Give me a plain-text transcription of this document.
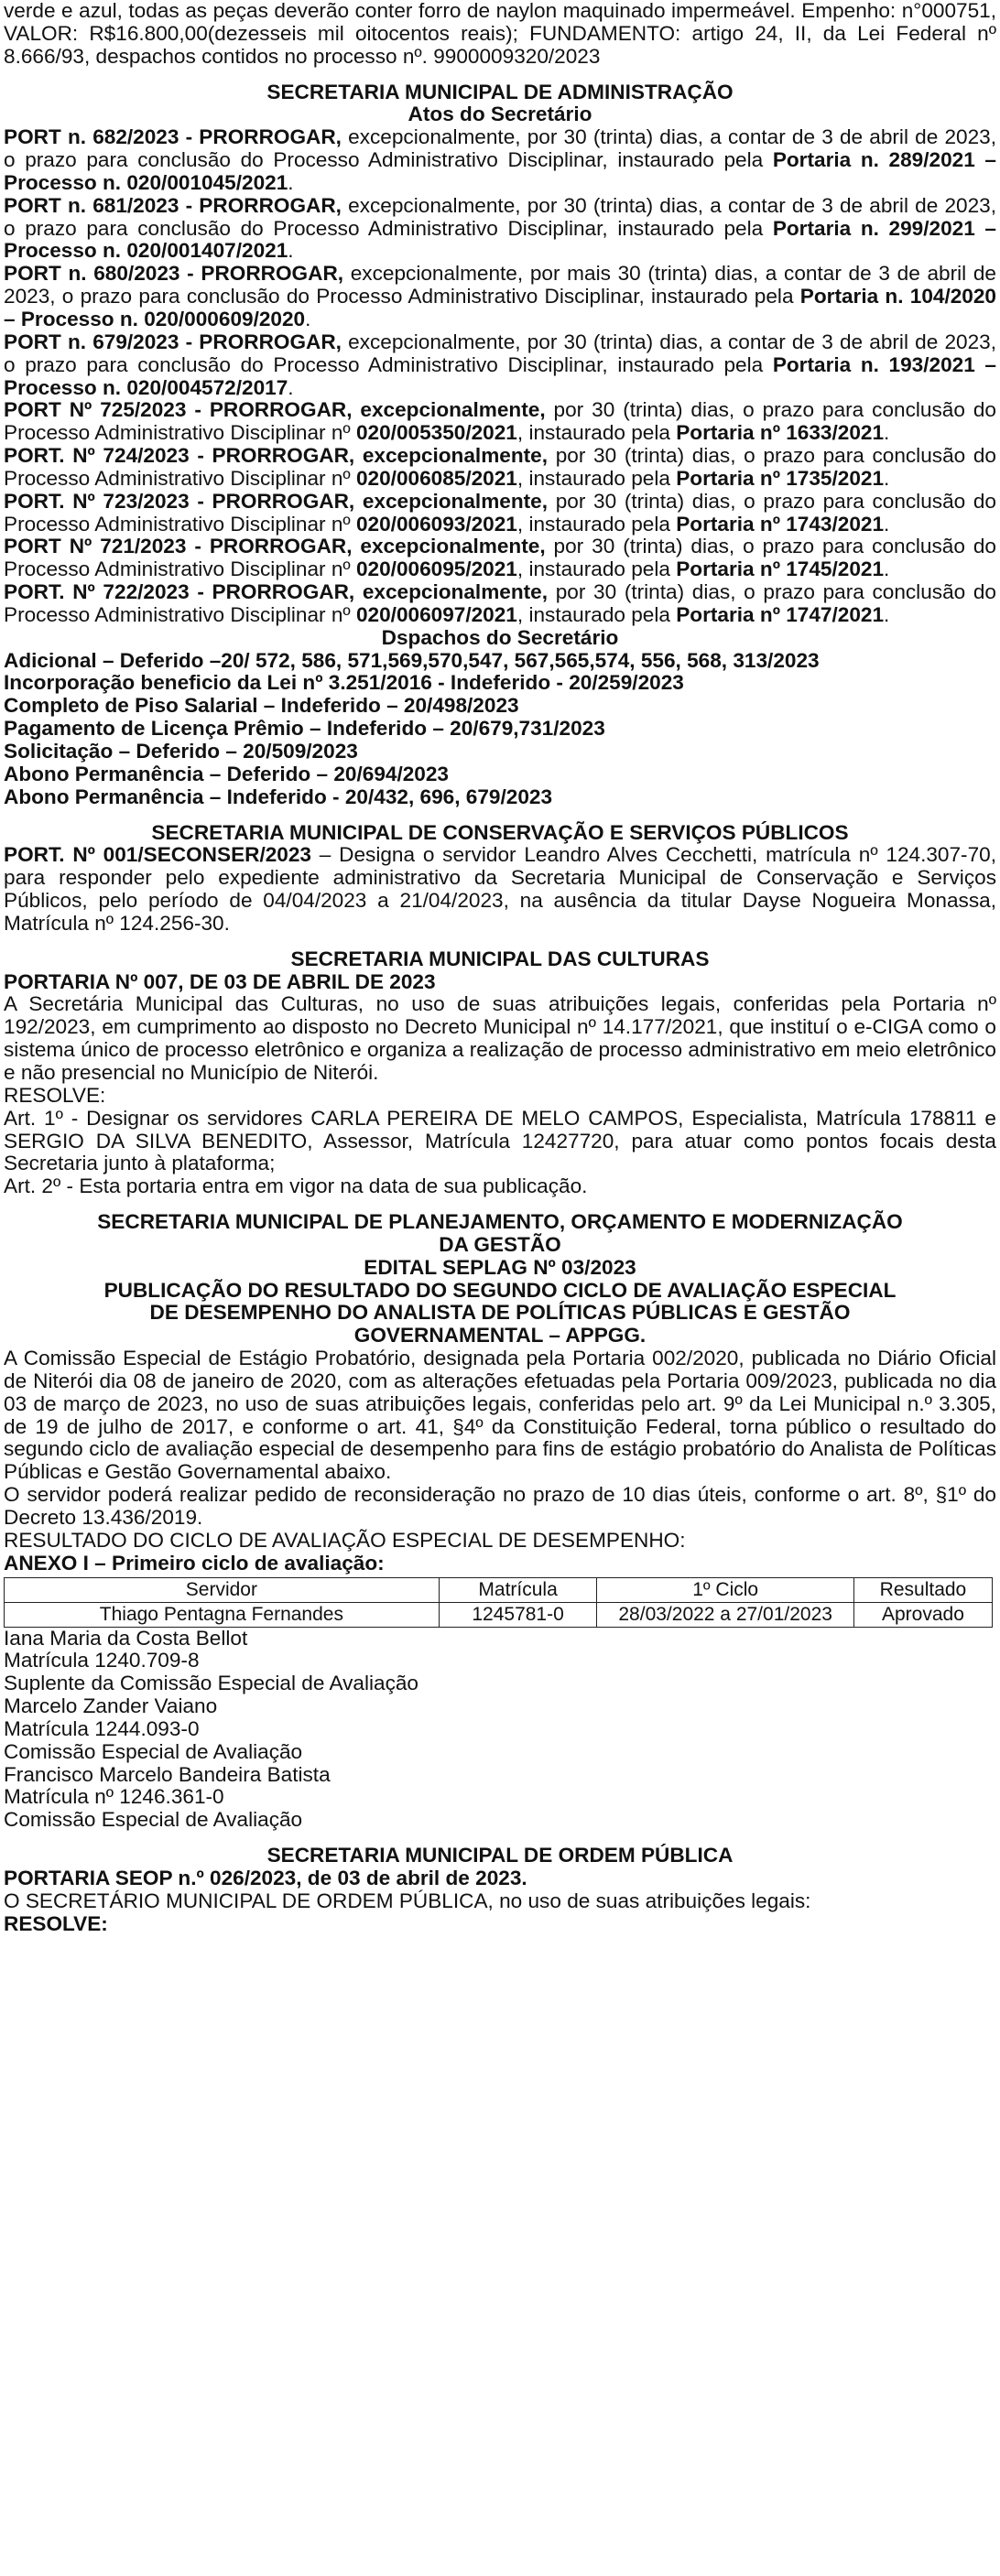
verde e azul, todas as peças deverão conter forro de naylon maquinado impermeável. Empenho: n°000751, VALOR: R$16.800,00(dezesseis mil oitocentos reais); FUNDAMENTO: artigo 24, II, da Lei Federal nº 8.666/93, despachos contidos no processo nº. 9900009320/2023

SECRETARIA MUNICIPAL DE ADMINISTRAÇÃO

Atos do Secretário

PORT n. 682/2023 - PRORROGAR, excepcionalmente, por 30 (trinta) dias, a contar de 3 de abril de 2023, o prazo para conclusão do Processo Administrativo Disciplinar, instaurado pela Portaria n. 289/2021 – Processo n. 020/001045/2021.

PORT n. 681/2023 - PRORROGAR, excepcionalmente, por 30 (trinta) dias, a contar de 3 de abril de 2023, o prazo para conclusão do Processo Administrativo Disciplinar, instaurado pela Portaria n. 299/2021 – Processo n. 020/001407/2021.

PORT n. 680/2023 - PRORROGAR, excepcionalmente, por mais 30 (trinta) dias, a contar de 3 de abril de 2023, o prazo para conclusão do Processo Administrativo Disciplinar, instaurado pela Portaria n. 104/2020 – Processo n. 020/000609/2020.

PORT n. 679/2023 - PRORROGAR, excepcionalmente, por 30 (trinta) dias, a contar de 3 de abril de 2023, o prazo para conclusão do Processo Administrativo Disciplinar, instaurado pela Portaria n. 193/2021 – Processo n. 020/004572/2017.

PORT Nº 725/2023 - PRORROGAR, excepcionalmente, por 30 (trinta) dias, o prazo para conclusão do Processo Administrativo Disciplinar nº 020/005350/2021, instaurado pela Portaria nº 1633/2021.

PORT. Nº 724/2023 - PRORROGAR, excepcionalmente, por 30 (trinta) dias, o prazo para conclusão do Processo Administrativo Disciplinar nº 020/006085/2021, instaurado pela Portaria nº 1735/2021.

PORT. Nº 723/2023 - PRORROGAR, excepcionalmente, por 30 (trinta) dias, o prazo para conclusão do Processo Administrativo Disciplinar nº 020/006093/2021, instaurado pela Portaria nº 1743/2021.

PORT Nº 721/2023 - PRORROGAR, excepcionalmente, por 30 (trinta) dias, o prazo para conclusão do Processo Administrativo Disciplinar nº 020/006095/2021, instaurado pela Portaria nº 1745/2021.

PORT. Nº 722/2023 - PRORROGAR, excepcionalmente, por 30 (trinta) dias, o prazo para conclusão do Processo Administrativo Disciplinar nº 020/006097/2021, instaurado pela Portaria nº 1747/2021.

Dspachos do Secretário

Adicional – Deferido –20/ 572, 586, 571,569,570,547, 567,565,574, 556, 568, 313/2023

Incorporação beneficio da Lei nº 3.251/2016 - Indeferido - 20/259/2023

Completo de Piso Salarial – Indeferido – 20/498/2023

Pagamento de Licença Prêmio – Indeferido – 20/679,731/2023

Solicitação – Deferido – 20/509/2023

Abono Permanência – Deferido – 20/694/2023

Abono Permanência – Indeferido - 20/432, 696, 679/2023

SECRETARIA MUNICIPAL DE CONSERVAÇÃO E SERVIÇOS PÚBLICOS

PORT. Nº 001/SECONSER/2023 – Designa o servidor Leandro Alves Cecchetti, matrícula nº 124.307-70, para responder pelo expediente administrativo da Secretaria Municipal de Conservação e Serviços Públicos, pelo período de 04/04/2023 a 21/04/2023, na ausência da titular Dayse Nogueira Monassa, Matrícula nº 124.256-30.

SECRETARIA MUNICIPAL DAS CULTURAS

PORTARIA Nº 007, DE 03 DE ABRIL DE 2023

A Secretária Municipal das Culturas, no uso de suas atribuições legais, conferidas pela Portaria nº 192/2023, em cumprimento ao disposto no Decreto Municipal nº 14.177/2021, que instituí o e-CIGA como o sistema único de processo eletrônico e organiza a realização de processo administrativo em meio eletrônico e não presencial no Município de Niterói.

RESOLVE:

Art. 1º - Designar os servidores CARLA PEREIRA DE MELO CAMPOS, Especialista, Matrícula 178811 e SERGIO DA SILVA BENEDITO, Assessor, Matrícula 12427720, para atuar como pontos focais desta Secretaria junto à plataforma;

Art. 2º - Esta portaria entra em vigor na data de sua publicação.

SECRETARIA MUNICIPAL DE PLANEJAMENTO, ORÇAMENTO E MODERNIZAÇÃO

DA GESTÃO

EDITAL SEPLAG Nº 03/2023

PUBLICAÇÃO DO RESULTADO DO SEGUNDO CICLO DE AVALIAÇÃO ESPECIAL

DE DESEMPENHO DO ANALISTA DE POLÍTICAS PÚBLICAS E GESTÃO

GOVERNAMENTAL – APPGG.

A Comissão Especial de Estágio Probatório, designada pela Portaria 002/2020, publicada no Diário Oficial de Niterói dia 08 de janeiro de 2020, com as alterações efetuadas pela Portaria 009/2023, publicada no dia 03 de março de 2023, no uso de suas atribuições legais, conferidas pelo art. 9º da Lei Municipal n.º 3.305, de 19 de julho de 2017, e conforme o art. 41, §4º da Constituição Federal, torna público o resultado do segundo ciclo de avaliação especial de desempenho para fins de estágio probatório do Analista de Políticas Públicas e Gestão Governamental abaixo.

O servidor poderá realizar pedido de reconsideração no prazo de 10 dias úteis, conforme o art. 8º, §1º do Decreto 13.436/2019.

RESULTADO DO CICLO DE AVALIAÇÃO ESPECIAL DE DESEMPENHO:

ANEXO I – Primeiro ciclo de avaliação:

Servidor	Matrícula	1º Ciclo	Resultado
Thiago Pentagna Fernandes	1245781-0	28/03/2022 a 27/01/2023	Aprovado

Iana Maria da Costa Bellot

Matrícula 1240.709-8

Suplente da Comissão Especial de Avaliação

Marcelo Zander Vaiano

Matrícula 1244.093-0

Comissão Especial de Avaliação

Francisco Marcelo Bandeira Batista

Matrícula nº 1246.361-0

Comissão Especial de Avaliação

SECRETARIA MUNICIPAL DE ORDEM PÚBLICA

PORTARIA SEOP n.º 026/2023, de 03 de abril de 2023.

O SECRETÁRIO MUNICIPAL DE ORDEM PÚBLICA, no uso de suas atribuições legais:

RESOLVE:
